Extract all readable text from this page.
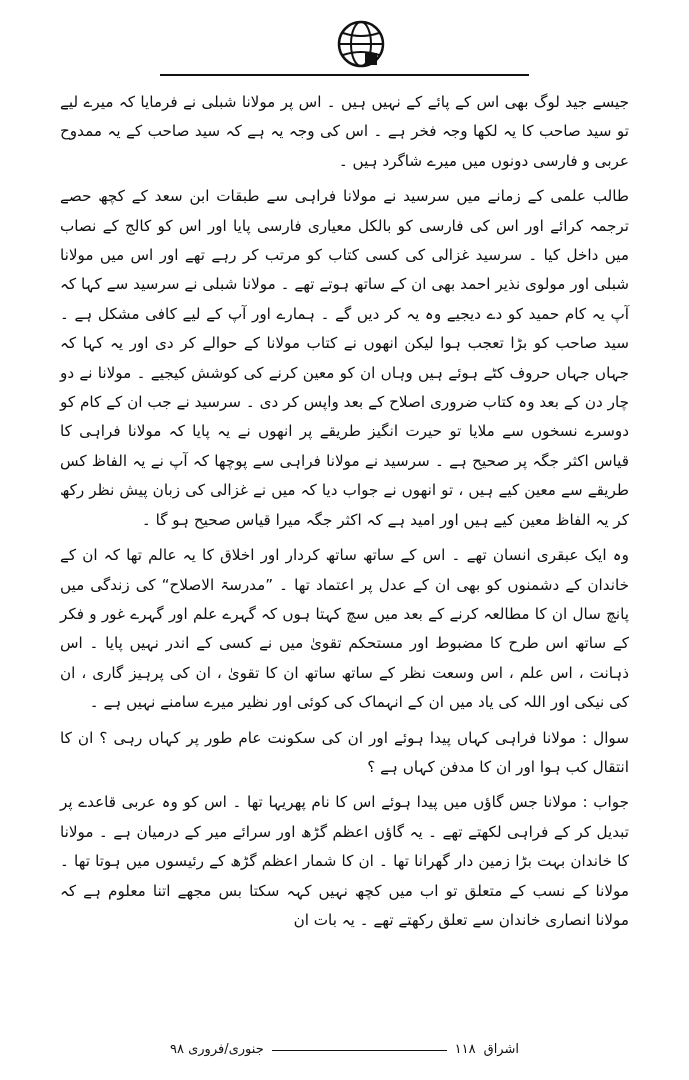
جیسے جید لوگ بھی اس کے پائے کے نہیں ہیں ۔ اس پر مولانا شبلی نے فرمایا کہ میرے لیے تو سید صاحب کا یہ لکھا وجہ فخر ہے ۔ اس کی وجہ یہ ہے کہ سید صاحب کے یہ ممدوح عربی و فارسی دونوں میں میرے شاگرد ہیں ۔

طالب علمی کے زمانے میں سرسید نے مولانا فراہی سے طبقات ابن سعد کے کچھ حصے ترجمہ کرائے اور اس کی فارسی کو بالکل معیاری فارسی پایا اور اس کو کالج کے نصاب میں داخل کیا ۔ سرسید غزالی کی کسی کتاب کو مرتب کر رہے تھے اور اس میں مولانا شبلی اور مولوی نذیر احمد بھی ان کے ساتھ ہوتے تھے ۔ مولانا شبلی نے سرسید سے کہا کہ آپ یہ کام حمید کو دے دیجیے وہ یہ کر دیں گے ۔ ہمارے اور آپ کے لیے کافی مشکل ہے ۔ سید صاحب کو بڑا تعجب ہوا لیکن انھوں نے کتاب مولانا کے حوالے کر دی اور یہ کہا کہ جہاں جہاں حروف کٹے ہوئے ہیں وہاں ان کو معین کرنے کی کوشش کیجیے ۔ مولانا نے دو چار دن کے بعد وہ کتاب ضروری اصلاح کے بعد واپس کر دی ۔ سرسید نے جب ان کے کام کو دوسرے نسخوں سے ملایا تو حیرت انگیز طریقے پر انھوں نے یہ پایا کہ مولانا فراہی کا قیاس اکثر جگہ پر صحیح ہے ۔ سرسید نے مولانا فراہی سے پوچھا کہ آپ نے یہ الفاظ کس طریقے سے معین کیے ہیں ، تو انھوں نے جواب دیا کہ میں نے غزالی کی زبان پیش نظر رکھ کر یہ الفاظ معین کیے ہیں اور امید ہے کہ اکثر جگہ میرا قیاس صحیح ہو گا ۔

وہ ایک عبقری انسان تھے ۔ اس کے ساتھ ساتھ کردار اور اخلاق کا یہ عالم تھا کہ ان کے خاندان کے دشمنوں کو بھی ان کے عدل پر اعتماد تھا ۔ ”مدرسۃ الاصلاح“ کی زندگی میں پانچ سال ان کا مطالعہ کرنے کے بعد میں سچ کہتا ہوں کہ گہرے علم اور گہرے غور و فکر کے ساتھ اس طرح کا مضبوط اور مستحکم تقویٰ میں نے کسی کے اندر نہیں پایا ۔ اس ذہانت ، اس علم ، اس وسعت نظر کے ساتھ ساتھ ان کا تقویٰ ، ان کی پرہیز گاری ، ان کی نیکی اور اللہ کی یاد میں ان کے انہماک کی کوئی اور نظیر میرے سامنے نہیں ہے ۔

سوال : مولانا فراہی کہاں پیدا ہوئے اور ان کی سکونت عام طور پر کہاں رہی ؟ ان کا انتقال کب ہوا اور ان کا مدفن کہاں ہے ؟

جواب : مولانا جس گاؤں میں پیدا ہوئے اس کا نام پھریہا تھا ۔ اس کو وہ عربی قاعدے پر تبدیل کر کے فراہی لکھتے تھے ۔ یہ گاؤں اعظم گڑھ اور سرائے میر کے درمیان ہے ۔ مولانا کا خاندان بہت بڑا زمین دار گھرانا تھا ۔ ان کا شمار اعظم گڑھ کے رئیسوں میں ہوتا تھا ۔ مولانا کے نسب کے متعلق تو اب میں کچھ نہیں کہہ سکتا بس مجھے اتنا معلوم ہے کہ مولانا انصاری خاندان سے تعلق رکھتے تھے ۔ یہ بات ان

اشراق
۱۱۸
جنوری/فروری ۹۸
